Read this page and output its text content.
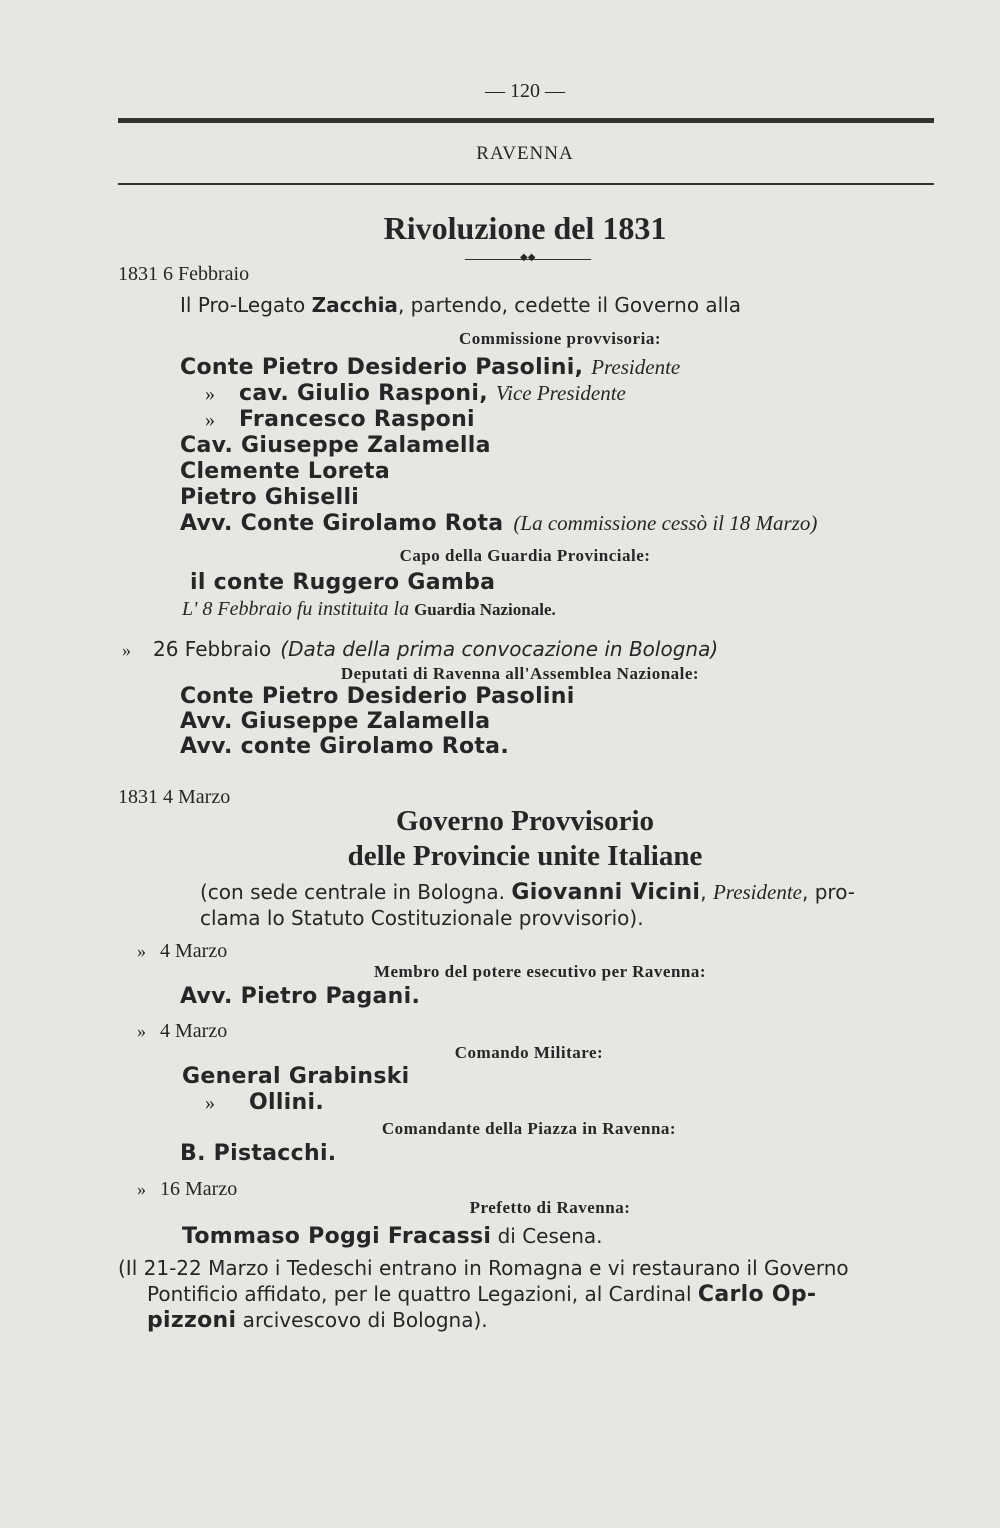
— 120 —
RAVENNA
Rivoluzione del 1831
◆◆
1831 6 Febbraio
Il Pro-Legato Zacchia, partendo, cedette il Governo alla
Commissione provvisoria:
Conte Pietro Desiderio Pasolini, Presidente
» cav. Giulio Rasponi, Vice Presidente
» Francesco Rasponi
Cav. Giuseppe Zalamella
Clemente Loreta
Pietro Ghiselli
Avv. Conte Girolamo Rota (La commissione cessò il 18 Marzo)
Capo della Guardia Provinciale:
il conte Ruggero Gamba
L' 8 Febbraio fu instituita la Guardia Nazionale.
» 26 Febbraio (Data della prima convocazione in Bologna)
Deputati di Ravenna all'Assemblea Nazionale:
Conte Pietro Desiderio Pasolini
Avv. Giuseppe Zalamella
Avv. conte Girolamo Rota.
1831 4 Marzo
Governo Provvisorio
delle Provincie unite Italiane
(con sede centrale in Bologna. Giovanni Vicini, Presidente, pro-
clama lo Statuto Costituzionale provvisorio).
» 4 Marzo
Membro del potere esecutivo per Ravenna:
Avv. Pietro Pagani.
» 4 Marzo
Comando Militare:
General Grabinski
» Ollini.
Comandante della Piazza in Ravenna:
B. Pistacchi.
» 16 Marzo
Prefetto di Ravenna:
Tommaso Poggi Fracassi di Cesena.
(Il 21-22 Marzo i Tedeschi entrano in Romagna e vi restaurano il Governo
Pontificio affidato, per le quattro Legazioni, al Cardinal Carlo Op-
pizzoni arcivescovo di Bologna).
